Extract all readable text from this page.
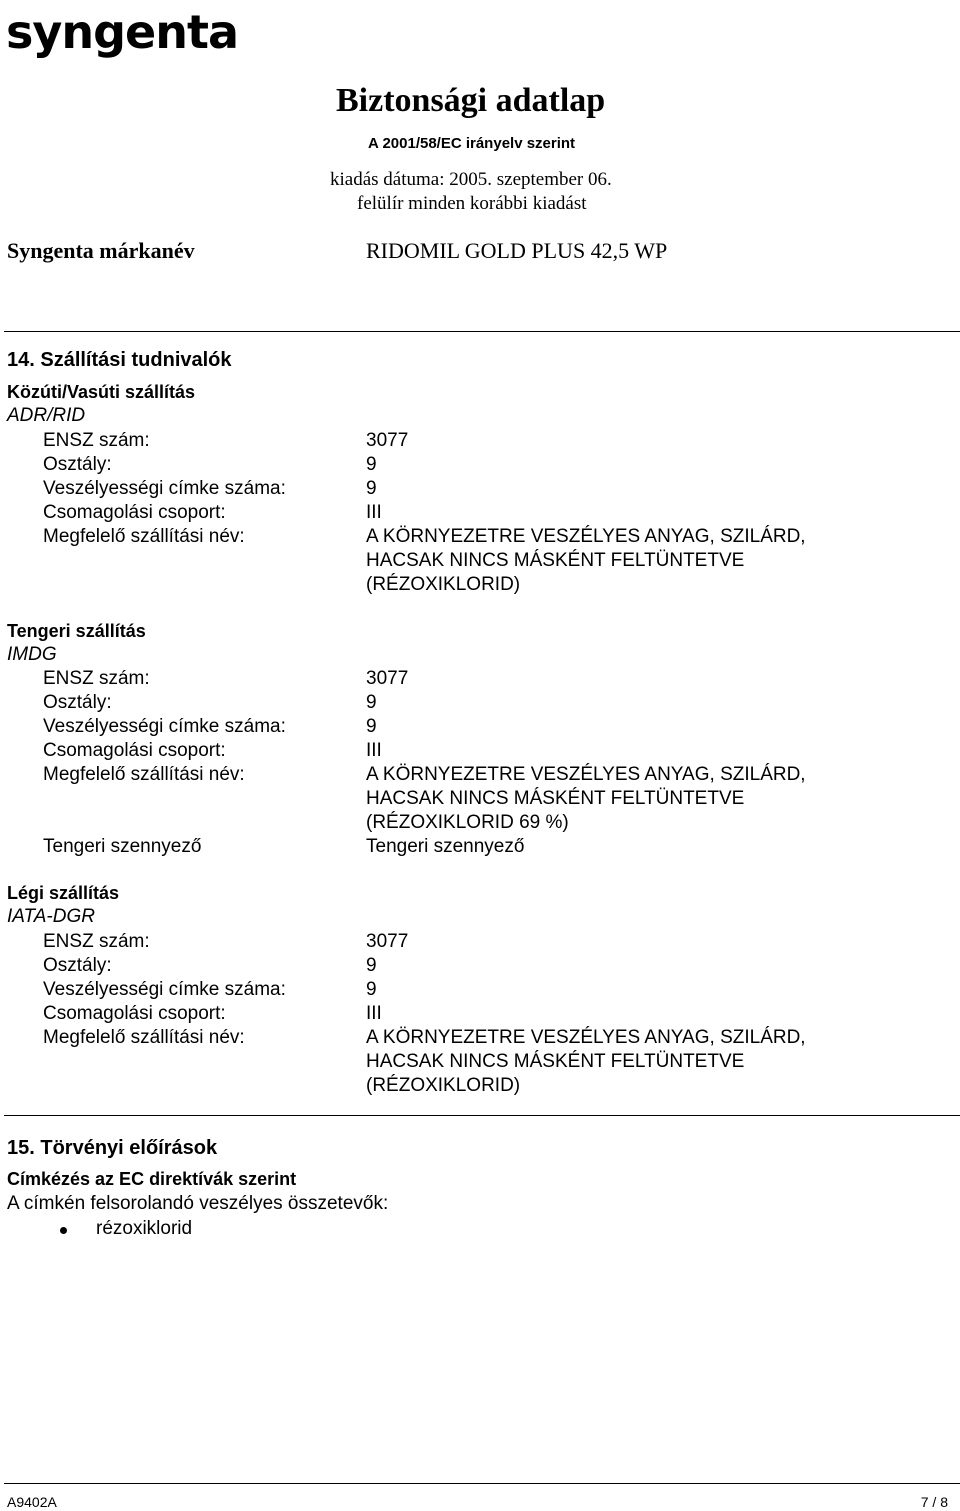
syngenta
Biztonsági adatlap
A 2001/58/EC irányelv szerint
kiadás dátuma: 2005. szeptember 06.
felülír minden korábbi kiadást
Syngenta márkanév	RIDOMIL GOLD PLUS 42,5 WP
14. Szállítási tudnivalók
Közúti/Vasúti szállítás
ADR/RID
ENSZ szám:	3077
Osztály:	9
Veszélyességi címke száma:	9
Csomagolási csoport:	III
Megfelelő szállítási név:	A KÖRNYEZETRE VESZÉLYES ANYAG, SZILÁRD,
HACSAK NINCS MÁSKÉNT FELTÜNTETVE
(RÉZOXIKLORID)
Tengeri szállítás
IMDG
ENSZ szám:	3077
Osztály:	9
Veszélyességi címke száma:	9
Csomagolási csoport:	III
Megfelelő szállítási név:	A KÖRNYEZETRE VESZÉLYES ANYAG, SZILÁRD,
HACSAK NINCS MÁSKÉNT FELTÜNTETVE
(RÉZOXIKLORID 69 %)
Tengeri szennyező	Tengeri szennyező
Légi szállítás
IATA-DGR
ENSZ szám:	3077
Osztály:	9
Veszélyességi címke száma:	9
Csomagolási csoport:	III
Megfelelő szállítási név:	A KÖRNYEZETRE VESZÉLYES ANYAG, SZILÁRD,
HACSAK NINCS MÁSKÉNT FELTÜNTETVE
(RÉZOXIKLORID)
15. Törvényi előírások
Címkézés az EC direktívák szerint
A címkén felsorolandó veszélyes összetevők:
rézoxiklorid
A9402A	7 / 8
